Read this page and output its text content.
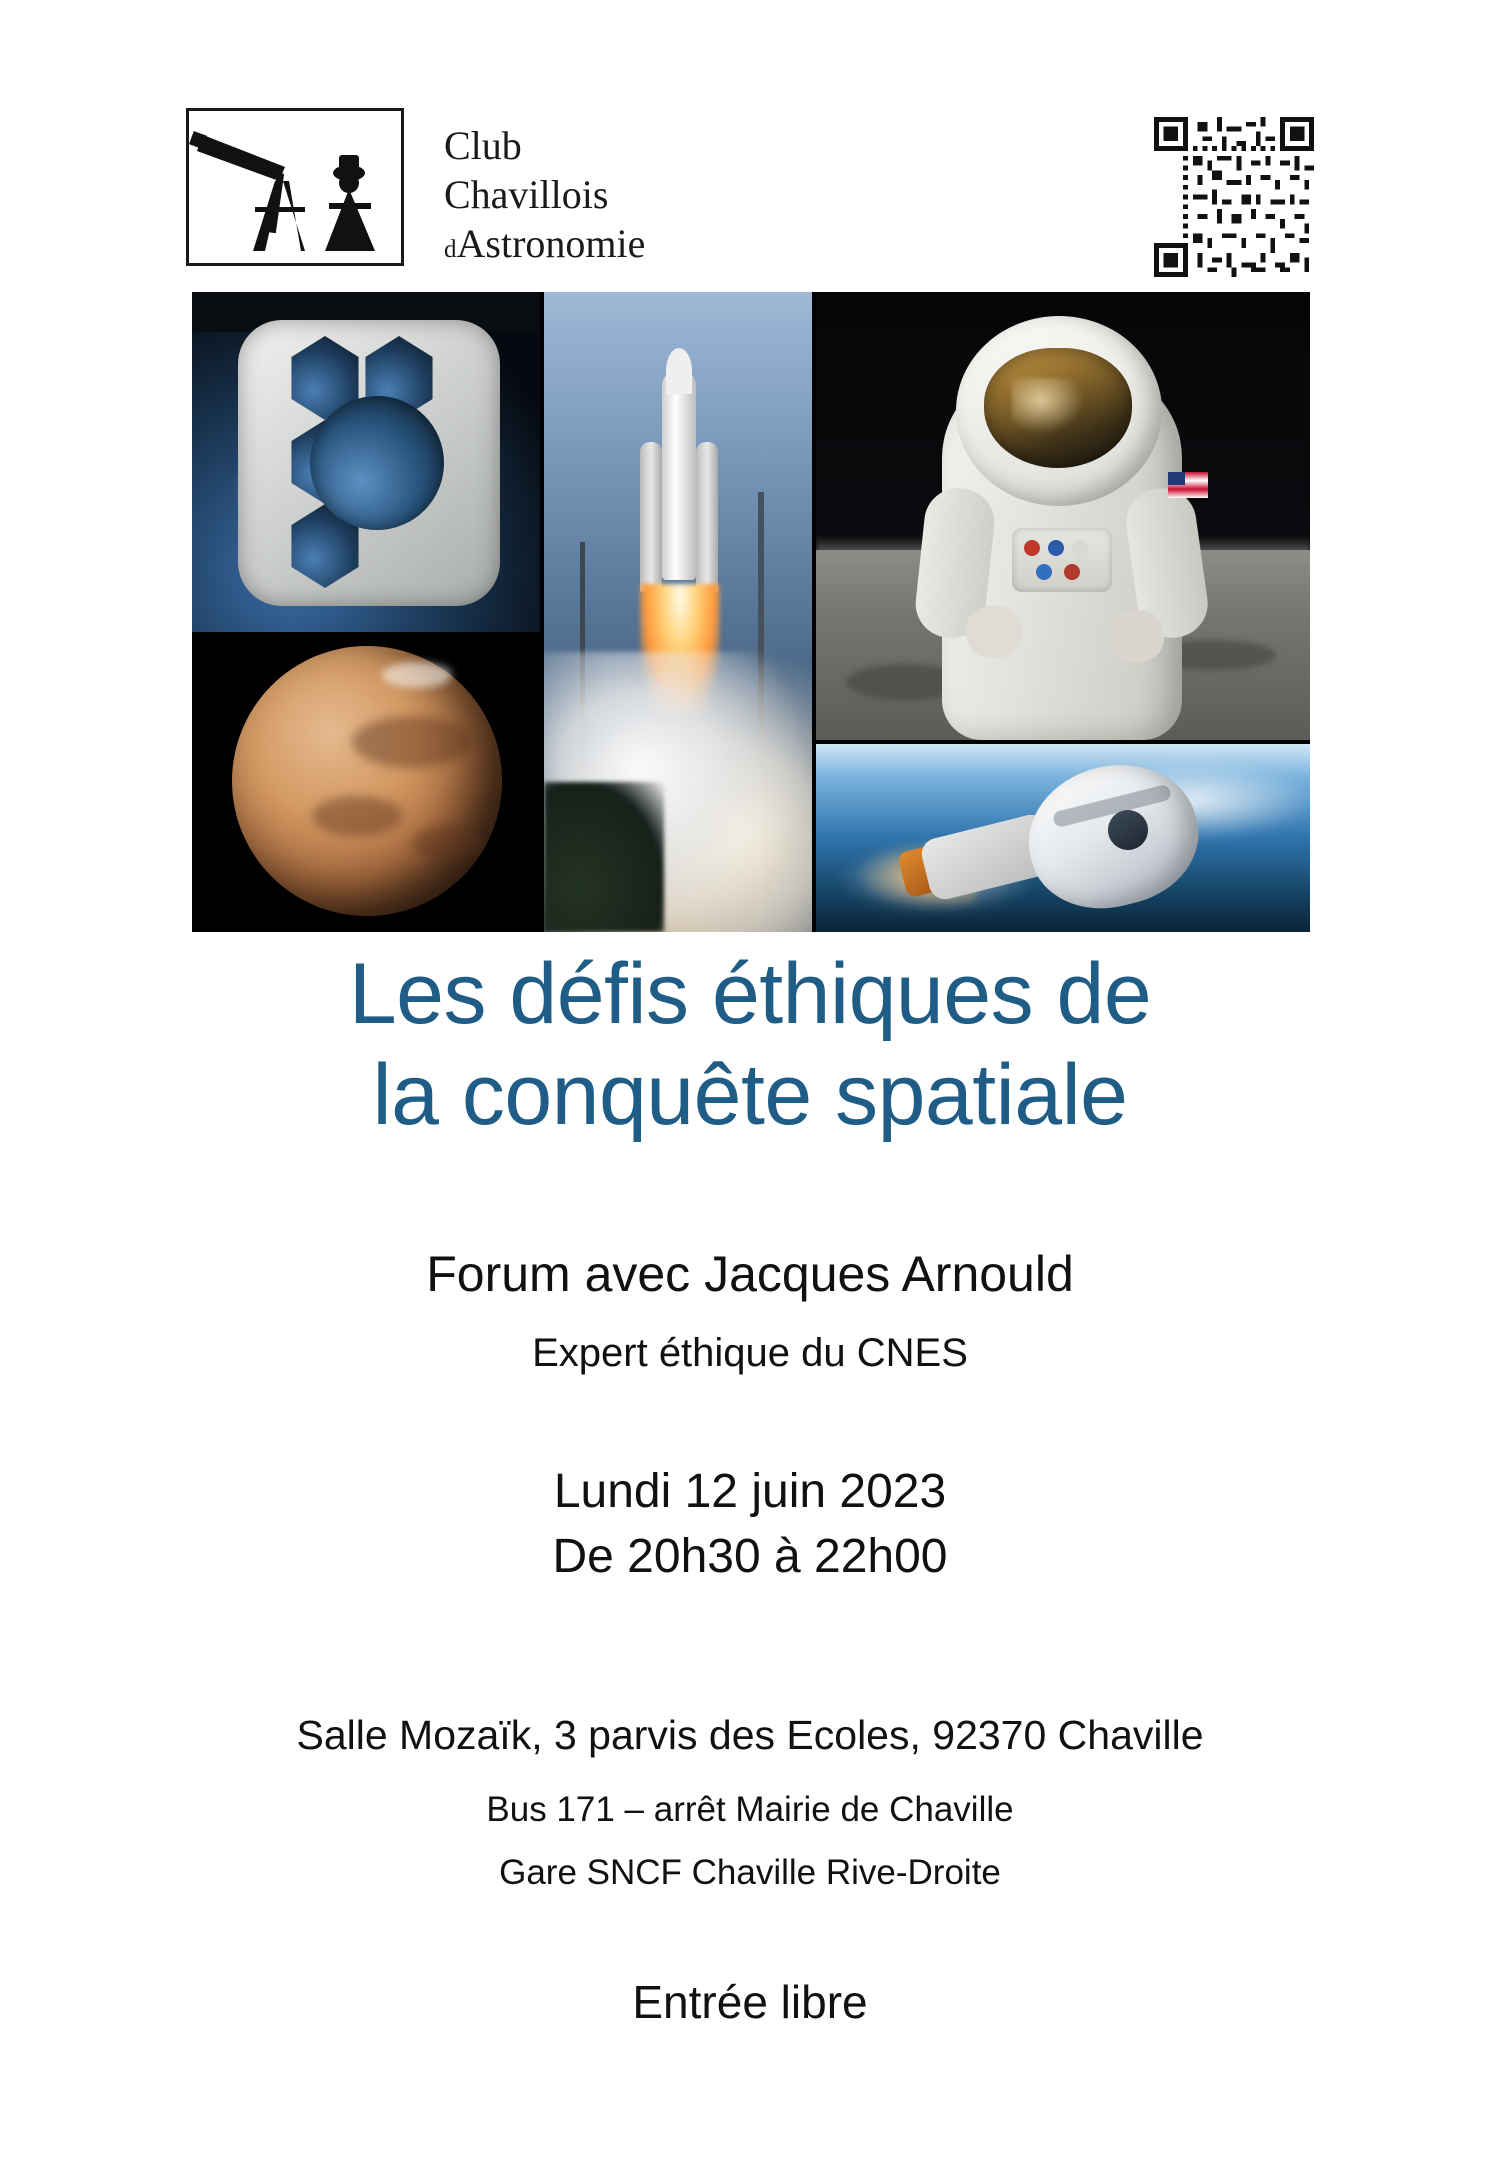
Club
Chavillois
dAstronomie
Les défis éthiques de
la conquête spatiale
Forum avec Jacques Arnould
Expert éthique du CNES
Lundi 12 juin 2023
De 20h30 à 22h00
Salle Mozaïk, 3 parvis des Ecoles, 92370 Chaville
Bus 171 – arrêt Mairie de Chaville
Gare SNCF Chaville Rive-Droite
Entrée libre
